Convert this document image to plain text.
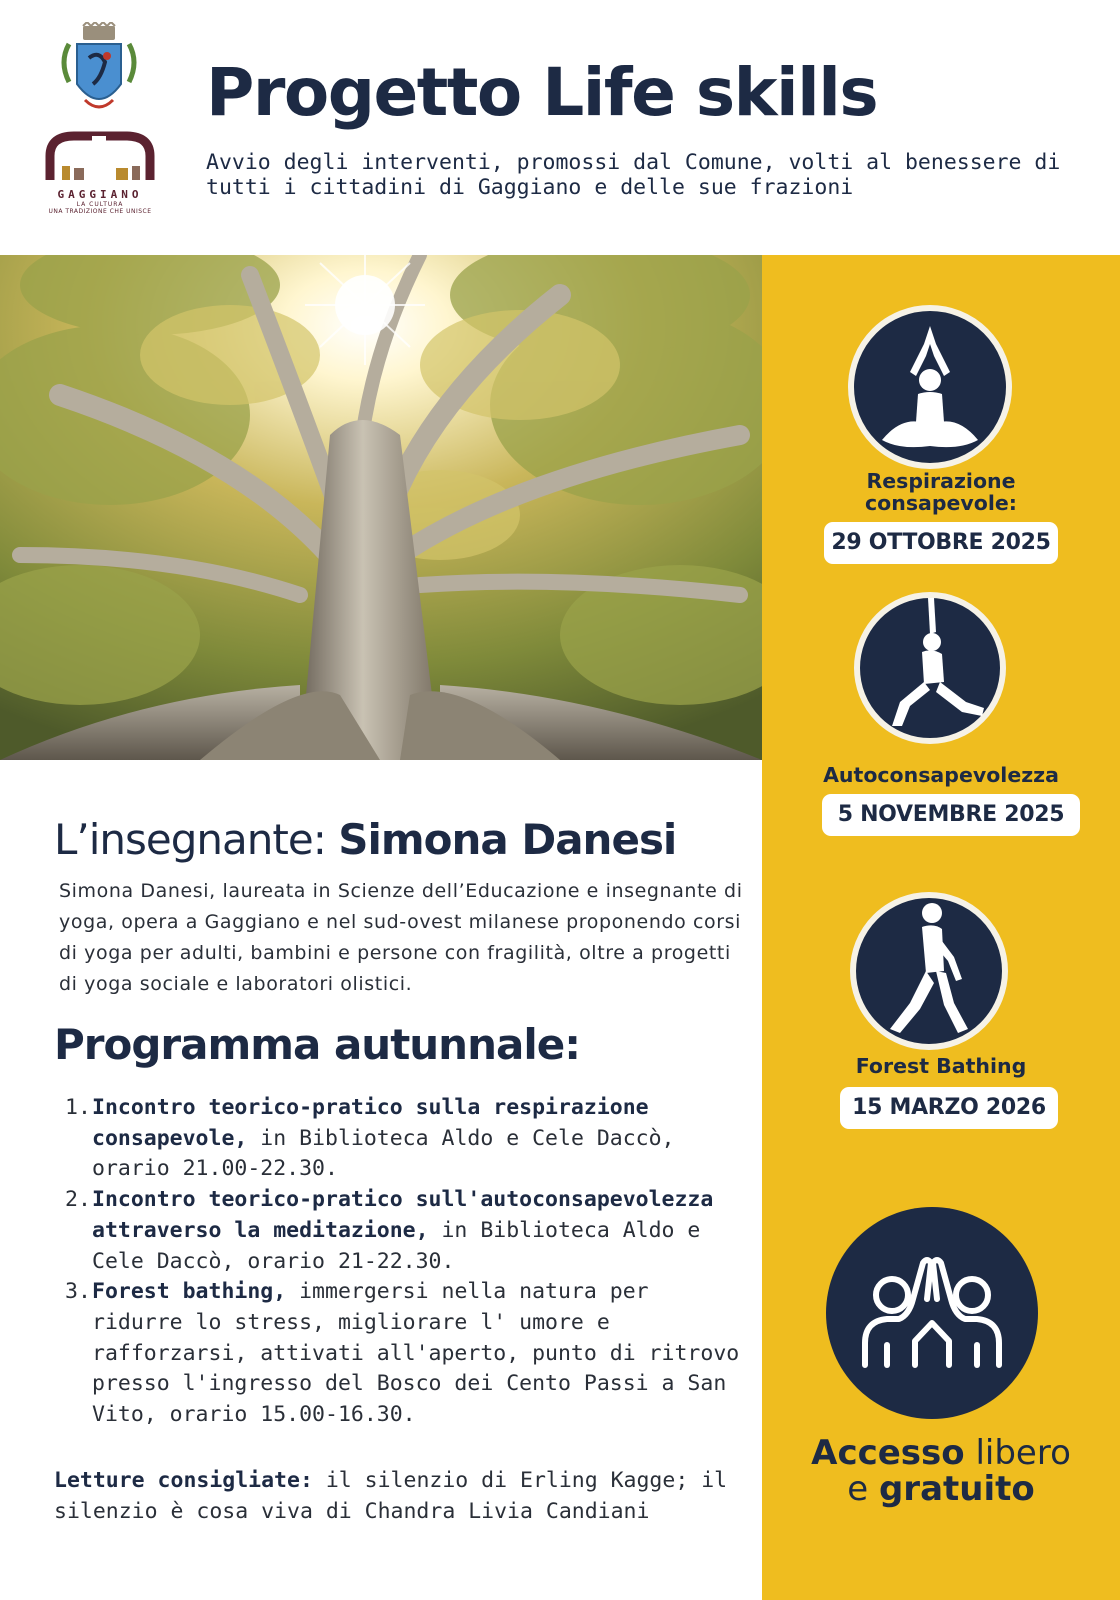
GAGGIANO
LA CULTURA
UNA TRADIZIONE CHE UNISCE
Progetto Life skills

Avvio degli interventi, promossi dal Comune, volti al benessere di tutti i cittadini di Gaggiano e delle sue frazioni

Respirazione consapevole:

29 OTTOBRE 2025

Autoconsapevolezza

5 NOVEMBRE 2025

Forest Bathing

15 MARZO 2026
Accesso libero
e gratuito
L’insegnante: Simona Danesi

Simona Danesi, laureata in Scienze dell’Educazione e insegnante di yoga, opera a Gaggiano e nel sud-ovest milanese proponendo corsi di yoga per adulti, bambini e persone con fragilità, oltre a progetti di yoga sociale e laboratori olistici.

Programma autunnale:
1. Incontro teorico-pratico sulla respirazione consapevole, in Biblioteca Aldo e Cele Daccò, orario 21.00-22.30.
2. Incontro teorico-pratico sull'autoconsapevolezza attraverso la meditazione, in Biblioteca Aldo e Cele Daccò, orario 21-22.30.
3. Forest bathing, immergersi nella natura per ridurre lo stress, migliorare l' umore e rafforzarsi, attivati all'aperto, punto di ritrovo presso l'ingresso del Bosco dei Cento Passi a San Vito, orario 15.00-16.30.

Letture consigliate: il silenzio di Erling Kagge; il silenzio è cosa viva di Chandra Livia Candiani
